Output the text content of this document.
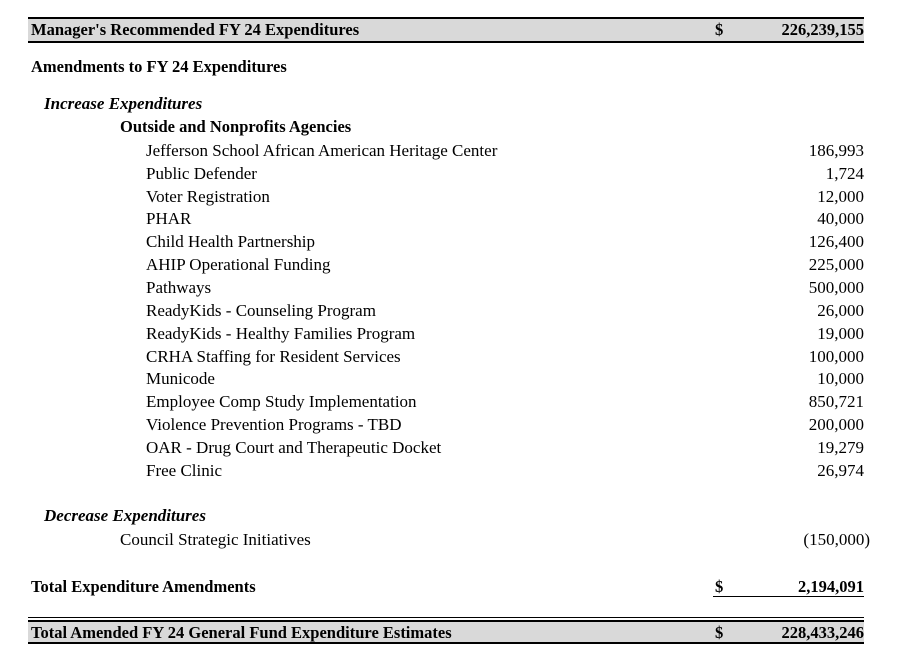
Manager's Recommended FY 24 Expenditures	$	226,239,155
Amendments to FY 24 Expenditures
Increase Expenditures
Outside and Nonprofits Agencies
Jefferson School African American Heritage Center	186,993
Public Defender	1,724
Voter Registration	12,000
PHAR	40,000
Child Health Partnership	126,400
AHIP Operational Funding	225,000
Pathways	500,000
ReadyKids - Counseling Program	26,000
ReadyKids - Healthy Families Program	19,000
CRHA Staffing for Resident Services	100,000
Municode	10,000
Employee Comp Study Implementation	850,721
Violence Prevention Programs - TBD	200,000
OAR - Drug Court and Therapeutic Docket	19,279
Free Clinic	26,974
Decrease Expenditures
Council Strategic Initiatives	(150,000)
Total Expenditure Amendments	$	2,194,091
Total Amended FY 24 General Fund Expenditure Estimates	$	228,433,246
